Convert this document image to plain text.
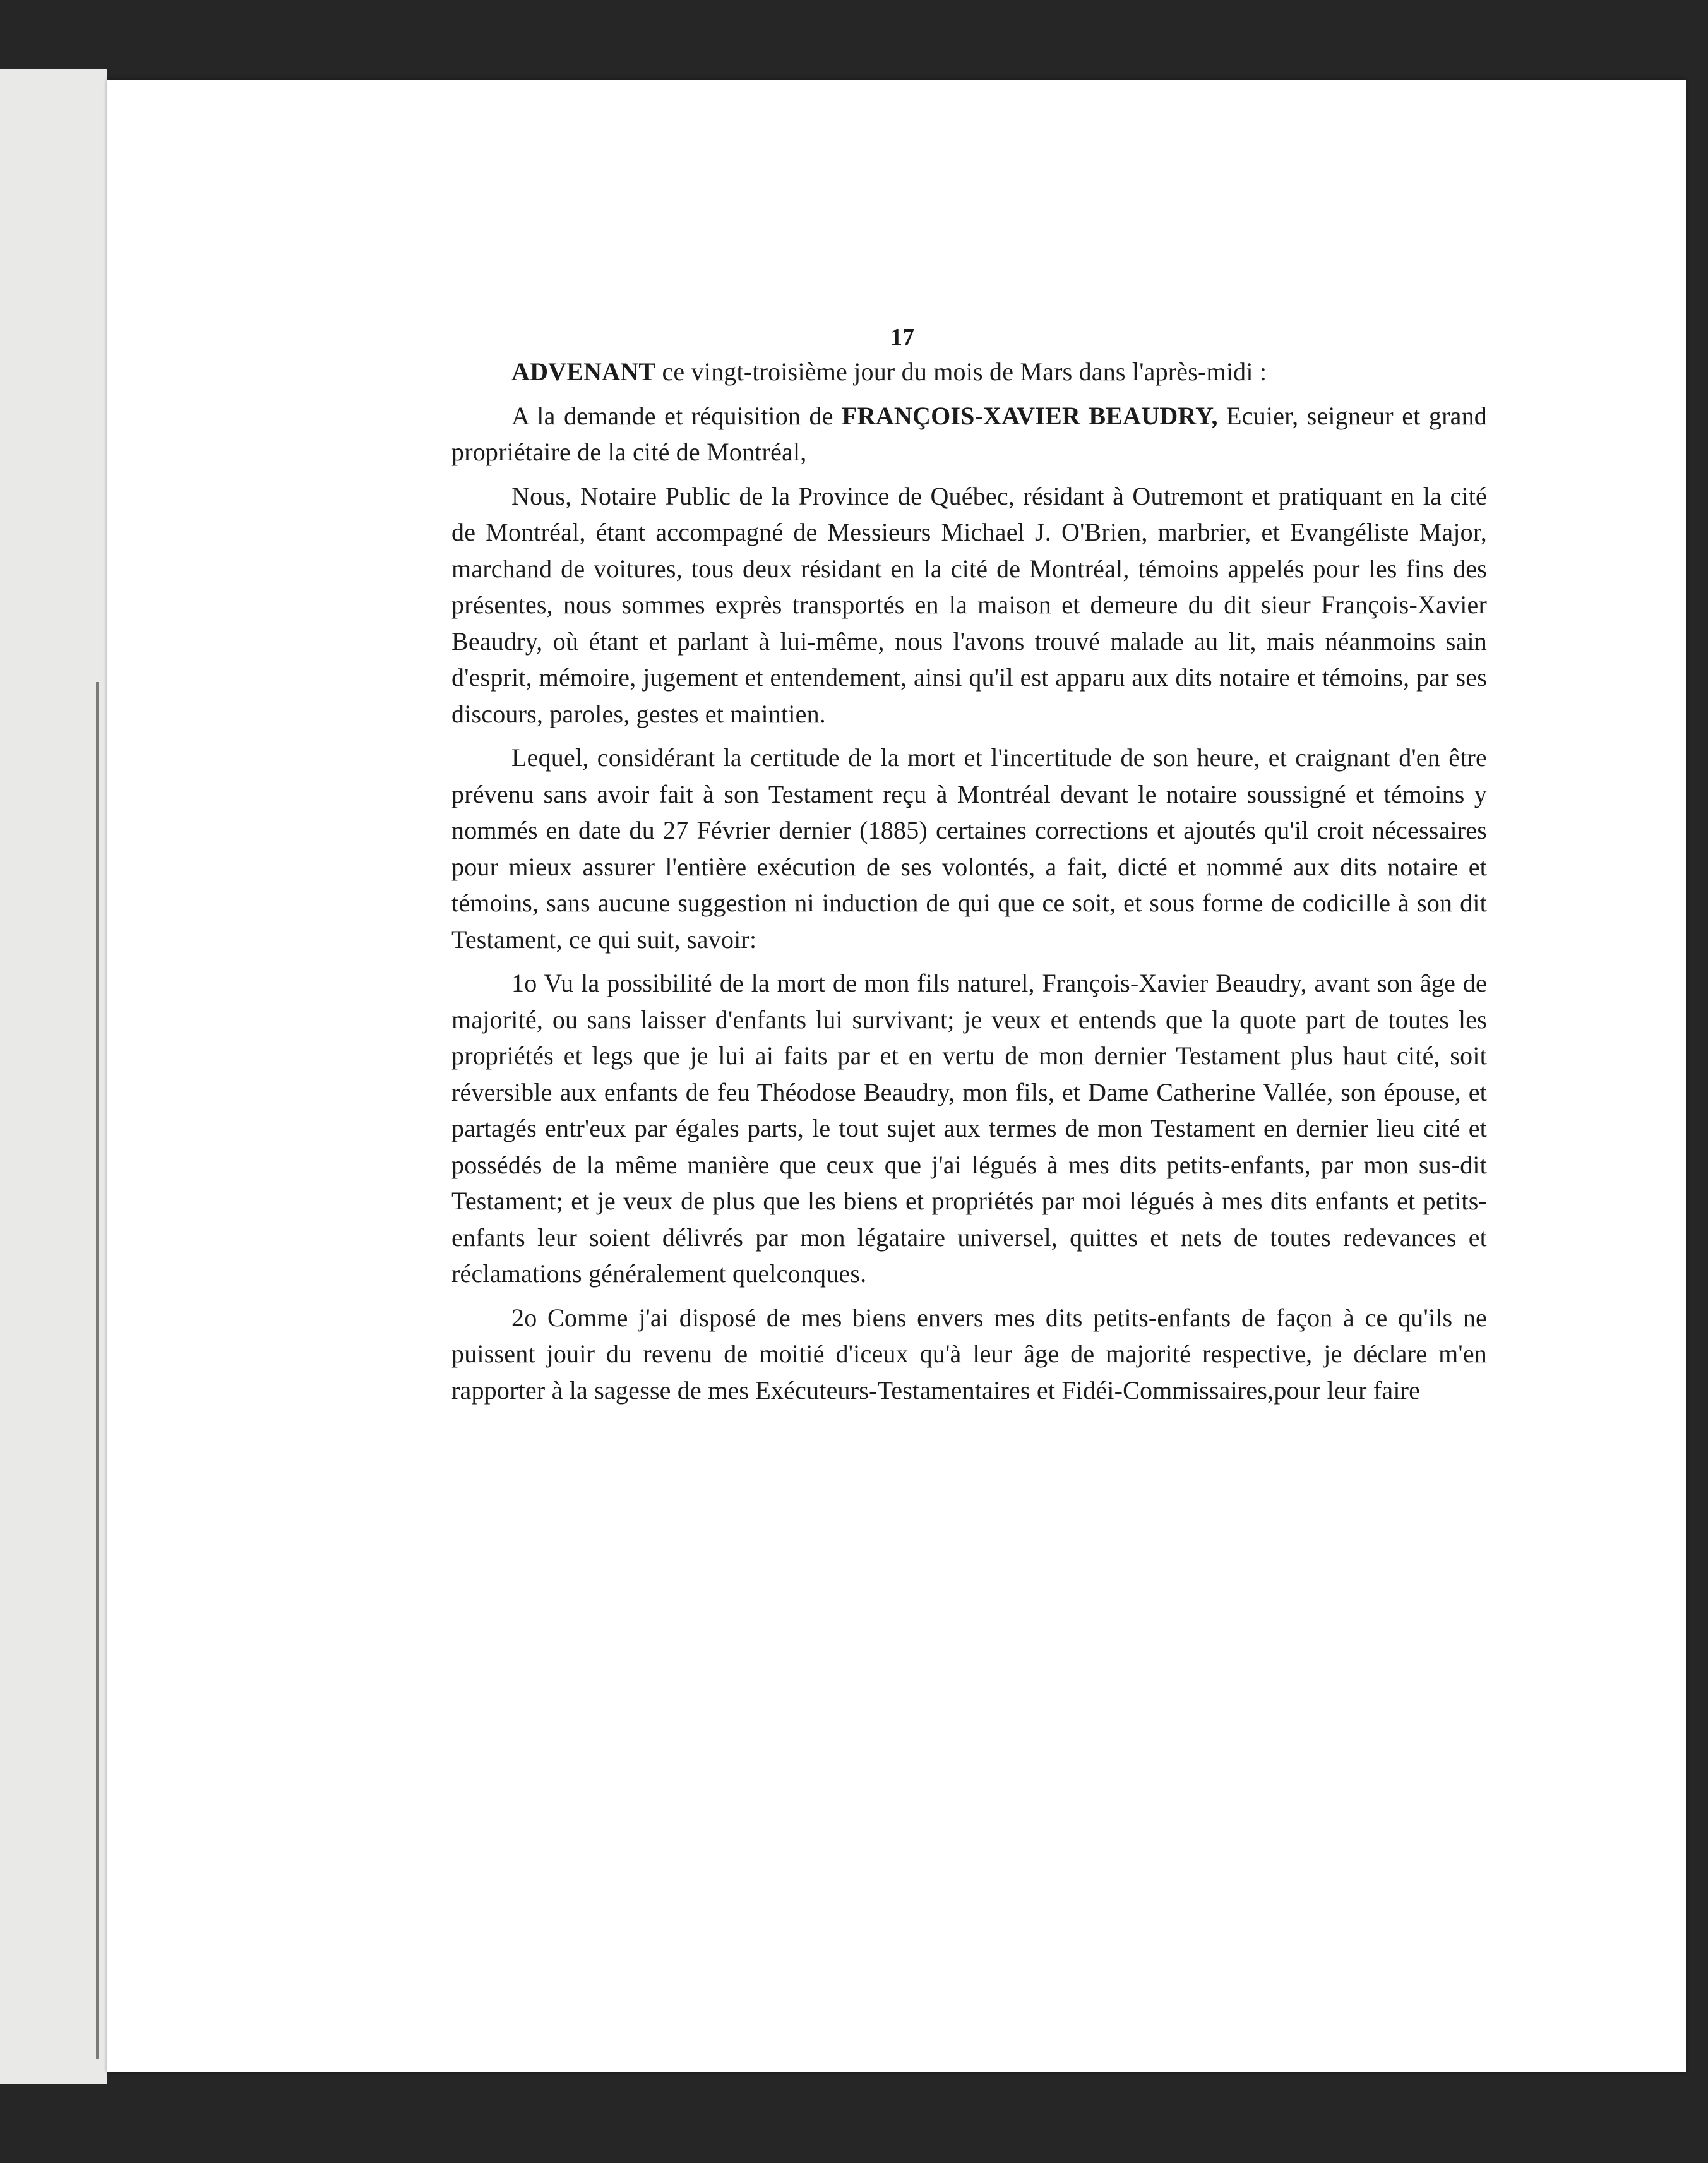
17

ADVENANT ce vingt-troisième jour du mois de Mars dans l'après-midi :

A la demande et réquisition de FRANÇOIS-XAVIER BEAUDRY, Ecuier, seigneur et grand propriétaire de la cité de Montréal,

Nous, Notaire Public de la Province de Québec, résidant à Outremont et pratiquant en la cité de Montréal, étant accompagné de Messieurs Michael J. O'Brien, marbrier, et Evangéliste Major, marchand de voitures, tous deux résidant en la cité de Montréal, témoins appelés pour les fins des présentes, nous sommes exprès transportés en la maison et demeure du dit sieur François-Xavier Beaudry, où étant et parlant à lui-même, nous l'avons trouvé malade au lit, mais néanmoins sain d'esprit, mémoire, jugement et entendement, ainsi qu'il est apparu aux dits notaire et témoins, par ses discours, paroles, gestes et maintien.

Lequel, considérant la certitude de la mort et l'incertitude de son heure, et craignant d'en être prévenu sans avoir fait à son Testament reçu à Montréal devant le notaire soussigné et témoins y nommés en date du 27 Février dernier (1885) certaines corrections et ajoutés qu'il croit nécessaires pour mieux assurer l'entière exécution de ses volontés, a fait, dicté et nommé aux dits notaire et témoins, sans aucune suggestion ni induction de qui que ce soit, et sous forme de codicille à son dit Testament, ce qui suit, savoir:

1o Vu la possibilité de la mort de mon fils naturel, François-Xavier Beaudry, avant son âge de majorité, ou sans laisser d'enfants lui survivant; je veux et entends que la quote part de toutes les propriétés et legs que je lui ai faits par et en vertu de mon dernier Testament plus haut cité, soit réversible aux enfants de feu Théodose Beaudry, mon fils, et Dame Catherine Vallée, son épouse, et partagés entr'eux par égales parts, le tout sujet aux termes de mon Testament en dernier lieu cité et possédés de la même manière que ceux que j'ai légués à mes dits petits-enfants, par mon sus-dit Testament; et je veux de plus que les biens et propriétés par moi légués à mes dits enfants et petits-enfants leur soient délivrés par mon légataire universel, quittes et nets de toutes redevances et réclamations généralement quelconques.

2o Comme j'ai disposé de mes biens envers mes dits petits-enfants de façon à ce qu'ils ne puissent jouir du revenu de moitié d'iceux qu'à leur âge de majorité respective, je déclare m'en rapporter à la sagesse de mes Exécuteurs-Testamentaires et Fidéi-Commissaires,pour leur faire
